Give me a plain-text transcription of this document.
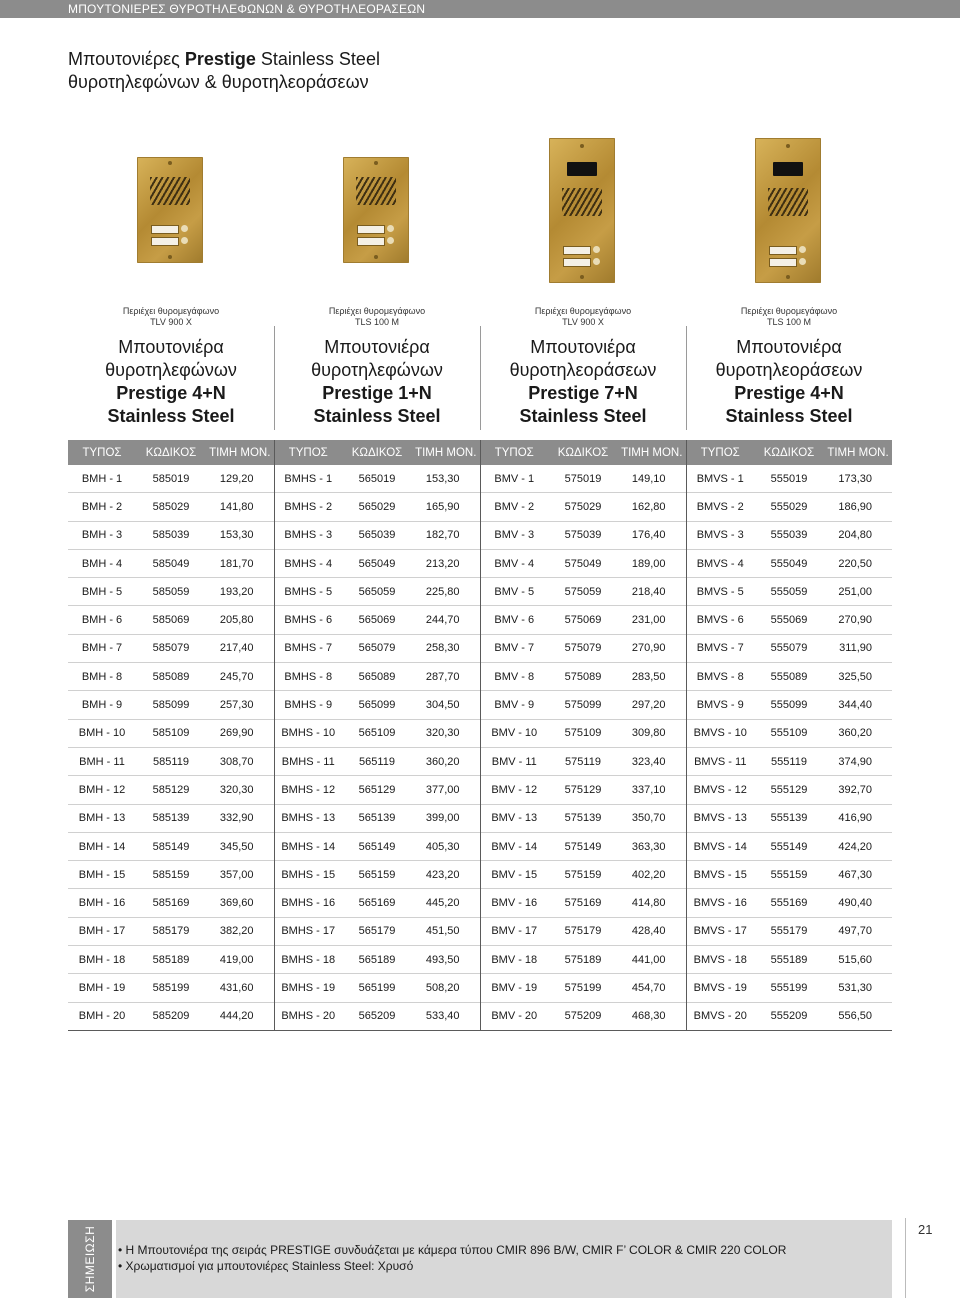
ΜΠΟΥΤΟΝΙΕΡΕΣ ΘΥΡΟΤΗΛΕΦΩΝΩΝ & ΘΥΡΟΤΗΛΕΟΡΑΣΕΩΝ
Μπουτονιέρες Prestige Stainless Steel
θυροτηλεφώνων & θυροτηλεοράσεων
Περιέχει θυρομεγάφωνο
TLV 900 X
Μπουτονιέρα
θυροτηλεφώνων
Prestige 4+N
Stainless Steel
Περιέχει θυρομεγάφωνο
TLS 100 M
Μπουτονιέρα
θυροτηλεφώνων
Prestige 1+N
Stainless Steel
Περιέχει θυρομεγάφωνο
TLV 900 X
Μπουτονιέρα
θυροτηλεοράσεων
Prestige 7+N
Stainless Steel
Περιέχει θυρομεγάφωνο
TLS 100 M
Μπουτονιέρα
θυροτηλεοράσεων
Prestige 4+N
Stainless Steel
ΤΥΠΟΣ	ΚΩΔΙΚΟΣ	ΤΙΜΗ ΜΟΝ.	ΤΥΠΟΣ	ΚΩΔΙΚΟΣ	ΤΙΜΗ ΜΟΝ.	ΤΥΠΟΣ	ΚΩΔΙΚΟΣ	ΤΙΜΗ ΜΟΝ.	ΤΥΠΟΣ	ΚΩΔΙΚΟΣ	ΤΙΜΗ ΜΟΝ.
BMH - 1	585019	129,20	BMHS - 1	565019	153,30	BMV - 1	575019	149,10	BMVS - 1	555019	173,30
BMH - 2	585029	141,80	BMHS - 2	565029	165,90	BMV - 2	575029	162,80	BMVS - 2	555029	186,90
BMH - 3	585039	153,30	BMHS - 3	565039	182,70	BMV - 3	575039	176,40	BMVS - 3	555039	204,80
BMH - 4	585049	181,70	BMHS - 4	565049	213,20	BMV - 4	575049	189,00	BMVS - 4	555049	220,50
BMH - 5	585059	193,20	BMHS - 5	565059	225,80	BMV - 5	575059	218,40	BMVS - 5	555059	251,00
BMH - 6	585069	205,80	BMHS - 6	565069	244,70	BMV - 6	575069	231,00	BMVS - 6	555069	270,90
BMH - 7	585079	217,40	BMHS - 7	565079	258,30	BMV - 7	575079	270,90	BMVS - 7	555079	311,90
BMH - 8	585089	245,70	BMHS - 8	565089	287,70	BMV - 8	575089	283,50	BMVS - 8	555089	325,50
BMH - 9	585099	257,30	BMHS - 9	565099	304,50	BMV - 9	575099	297,20	BMVS - 9	555099	344,40
BMH - 10	585109	269,90	BMHS - 10	565109	320,30	BMV - 10	575109	309,80	BMVS - 10	555109	360,20
BMH - 11	585119	308,70	BMHS - 11	565119	360,20	BMV - 11	575119	323,40	BMVS - 11	555119	374,90
BMH - 12	585129	320,30	BMHS - 12	565129	377,00	BMV - 12	575129	337,10	BMVS - 12	555129	392,70
BMH - 13	585139	332,90	BMHS - 13	565139	399,00	BMV - 13	575139	350,70	BMVS - 13	555139	416,90
BMH - 14	585149	345,50	BMHS - 14	565149	405,30	BMV - 14	575149	363,30	BMVS - 14	555149	424,20
BMH - 15	585159	357,00	BMHS - 15	565159	423,20	BMV - 15	575159	402,20	BMVS - 15	555159	467,30
BMH - 16	585169	369,60	BMHS - 16	565169	445,20	BMV - 16	575169	414,80	BMVS - 16	555169	490,40
BMH - 17	585179	382,20	BMHS - 17	565179	451,50	BMV - 17	575179	428,40	BMVS - 17	555179	497,70
BMH - 18	585189	419,00	BMHS - 18	565189	493,50	BMV - 18	575189	441,00	BMVS - 18	555189	515,60
BMH - 19	585199	431,60	BMHS - 19	565199	508,20	BMV - 19	575199	454,70	BMVS - 19	555199	531,30
BMH - 20	585209	444,20	BMHS - 20	565209	533,40	BMV - 20	575209	468,30	BMVS - 20	555209	556,50
ΣΗΜΕΙΩΣΗ	• Η Μπουτονιέρα της σειράς PRESTIGE συνδυάζεται με κάμερα τύπου CMIR 896 B/W, CMIR F’ COLOR & CMIR 220 COLOR
• Χρωματισμοί για μπουτονιέρες Stainless Steel: Χρυσό
21
